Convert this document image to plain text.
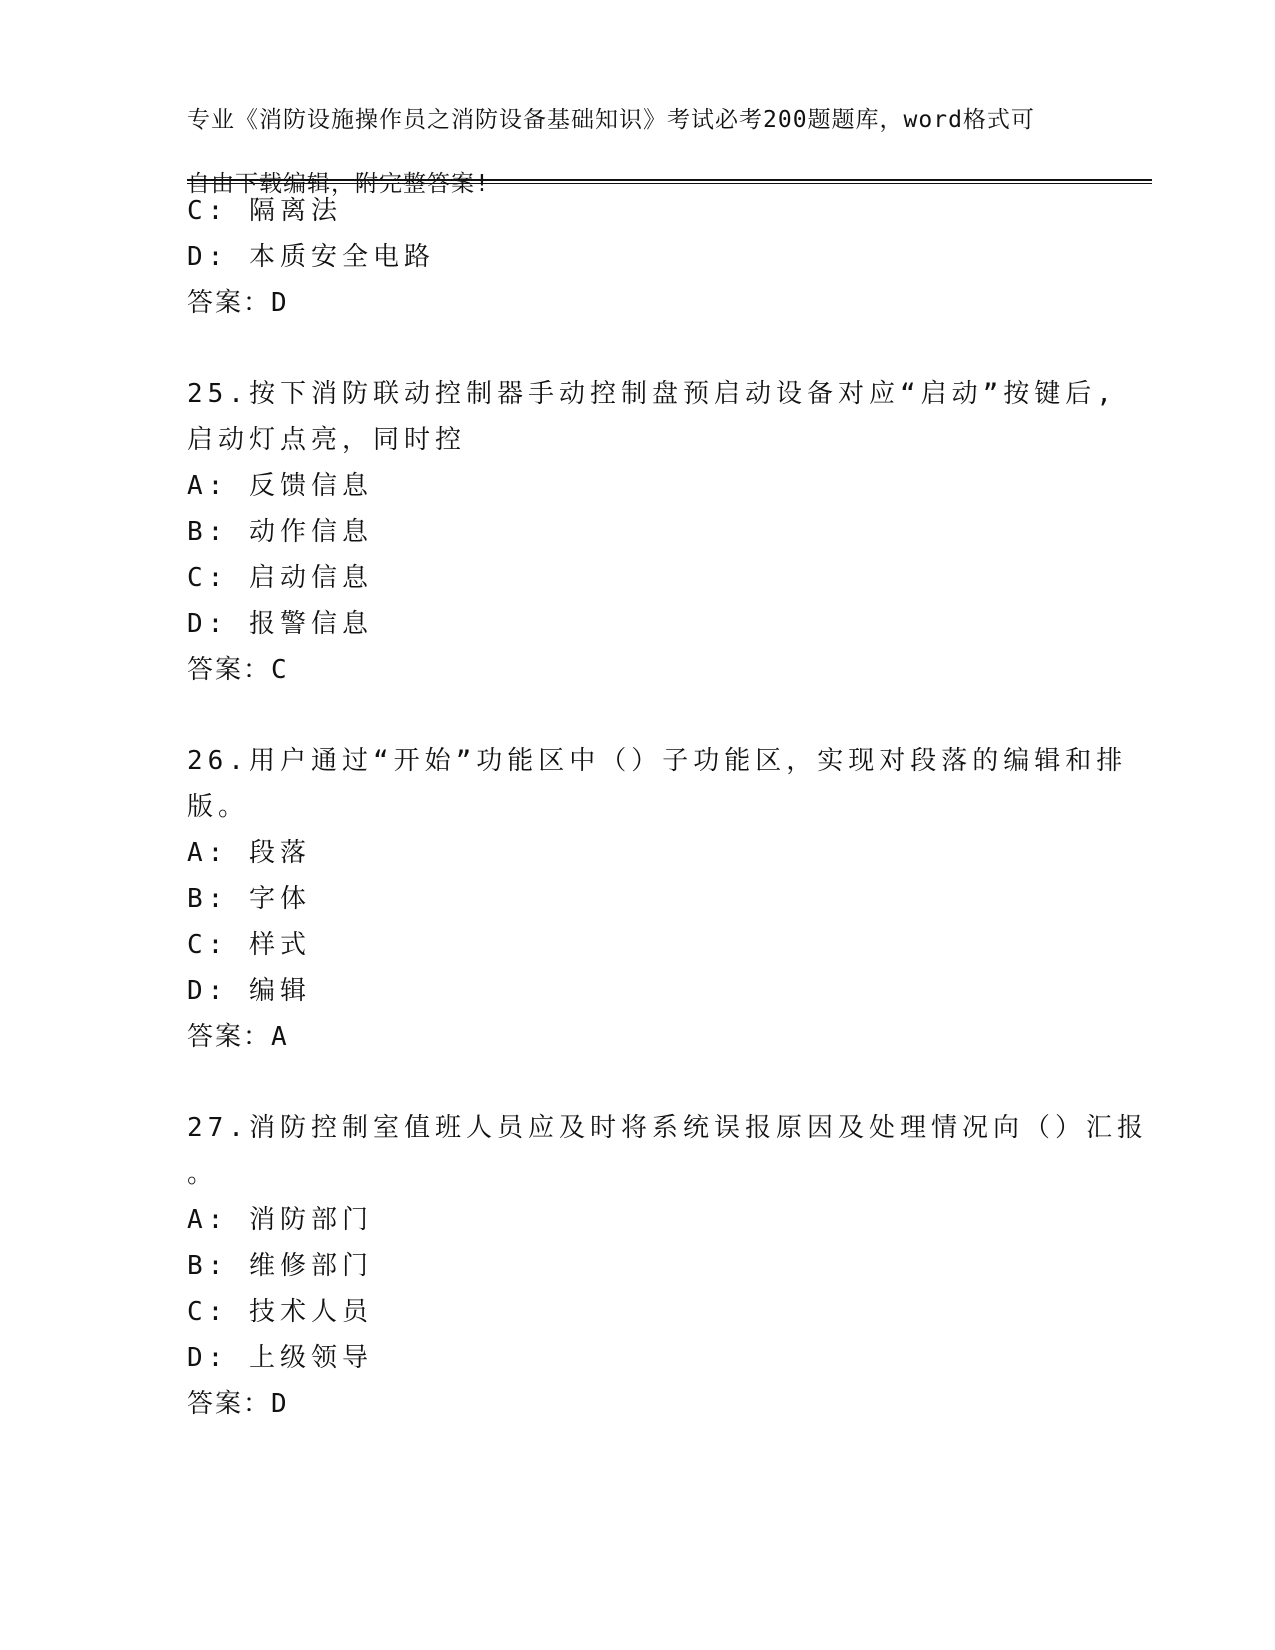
专业《消防设施操作员之消防设备基础知识》考试必考200题题库，word格式可

自由下载编辑，附完整答案!

C: 隔离法
D: 本质安全电路
答案：D
25.按下消防联动控制器手动控制盘预启动设备对应“启动”按键后,
启动灯点亮，同时控
A: 反馈信息
B: 动作信息
C: 启动信息
D: 报警信息
答案：C
26.用户通过“开始”功能区中（）子功能区，实现对段落的编辑和排
版。
A: 段落
B: 字体
C: 样式
D: 编辑
答案：A
27.消防控制室值班人员应及时将系统误报原因及处理情况向（）汇报
。
A: 消防部门
B: 维修部门
C: 技术人员
D: 上级领导
答案：D
